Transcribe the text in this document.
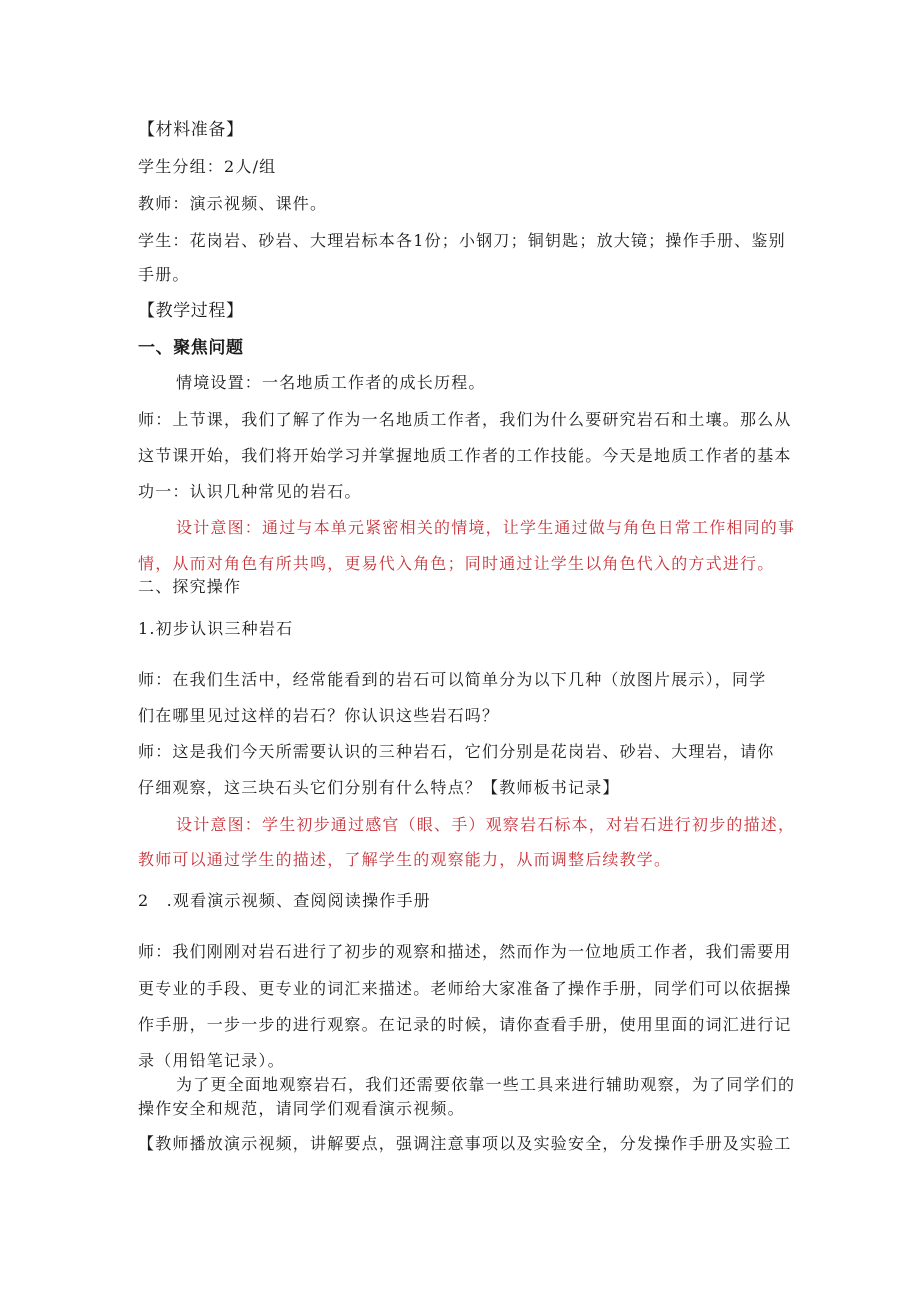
【材料准备】
学生分组：2人/组
教师：演示视频、课件。
学生：花岗岩、砂岩、大理岩标本各1份；小钢刀；铜钥匙；放大镜；操作手册、鉴别
手册。
【教学过程】
一、聚焦问题
情境设置：一名地质工作者的成长历程。
师：上节课，我们了解了作为一名地质工作者，我们为什么要研究岩石和土壤。那么从
这节课开始，我们将开始学习并掌握地质工作者的工作技能。今天是地质工作者的基本
功一：认识几种常见的岩石。
设计意图：通过与本单元紧密相关的情境，让学生通过做与角色日常工作相同的事
情，从而对角色有所共鸣，更易代入角色；同时通过让学生以角色代入的方式进行。
二、探究操作
1.初步认识三种岩石
师：在我们生活中，经常能看到的岩石可以简单分为以下几种（放图片展示），同学
们在哪里见过这样的岩石？你认识这些岩石吗？
师：这是我们今天所需要认识的三种岩石，它们分别是花岗岩、砂岩、大理岩，请你
仔细观察，这三块石头它们分别有什么特点？【教师板书记录】
设计意图：学生初步通过感官（眼、手）观察岩石标本，对岩石进行初步的描述，
教师可以通过学生的描述，了解学生的观察能力，从而调整后续教学。
2　.观看演示视频、查阅阅读操作手册
师：我们刚刚对岩石进行了初步的观察和描述，然而作为一位地质工作者，我们需要用
更专业的手段、更专业的词汇来描述。老师给大家准备了操作手册，同学们可以依据操
作手册，一步一步的进行观察。在记录的时候，请你查看手册，使用里面的词汇进行记
录（用铅笔记录）。
为了更全面地观察岩石，我们还需要依靠一些工具来进行辅助观察，为了同学们的
操作安全和规范，请同学们观看演示视频。
【教师播放演示视频，讲解要点，强调注意事项以及实验安全，分发操作手册及实验工
